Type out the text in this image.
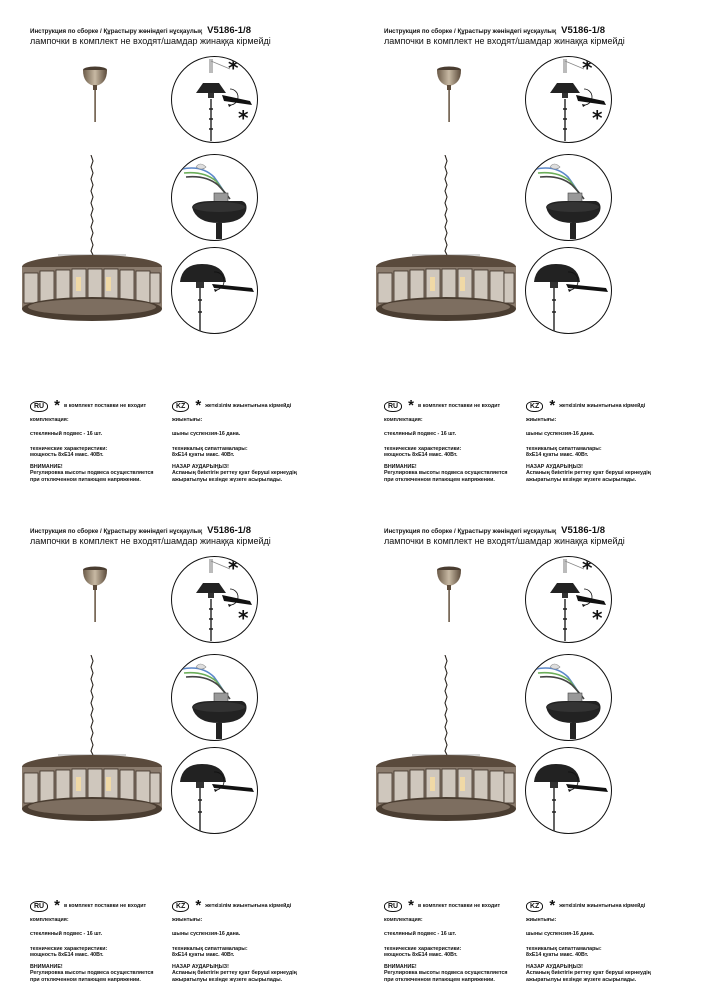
Инструкция по сборке / Құрастыру жөніндегі нұсқаулық V5186-1/8
лампочки в комплект не входят/шамдар жинаққа кірмейді
*
*
RU * в комплект поставки не входит
комплектация:
стеклянный подвес - 16 шт.
технические характеристики:
мощность 8xE14 макс. 40Вт.
ВНИМАНИЕ!
Регулировка высоты подвеса осуществляется
при отключенном питающем напряжении.
KZ * жеткізілім жиынтығына кірмейді
жиынтығы:
шыны суспензия-16 дана.
техникалық сипаттамалары:
8xE14 қуаты макс. 40Вт.
НАЗАР АУДАРЫҢЫЗ!
Аспаның биіктігін реттеу қуат беруші кернеудің
ажыратылуы кезінде жүзеге асырылады.
Инструкция по сборке / Құрастыру жөніндегі нұсқаулық V5186-1/8
лампочки в комплект не входят/шамдар жинаққа кірмейді
*
*
RU * в комплект поставки не входит
комплектация:
стеклянный подвес - 16 шт.
технические характеристики:
мощность 8xE14 макс. 40Вт.
ВНИМАНИЕ!
Регулировка высоты подвеса осуществляется
при отключенном питающем напряжении.
KZ * жеткізілім жиынтығына кірмейді
жиынтығы:
шыны суспензия-16 дана.
техникалық сипаттамалары:
8xE14 қуаты макс. 40Вт.
НАЗАР АУДАРЫҢЫЗ!
Аспаның биіктігін реттеу қуат беруші кернеудің
ажыратылуы кезінде жүзеге асырылады.
Инструкция по сборке / Құрастыру жөніндегі нұсқаулық V5186-1/8
лампочки в комплект не входят/шамдар жинаққа кірмейді
*
*
RU * в комплект поставки не входит
комплектация:
стеклянный подвес - 16 шт.
технические характеристики:
мощность 8xE14 макс. 40Вт.
ВНИМАНИЕ!
Регулировка высоты подвеса осуществляется
при отключенном питающем напряжении.
KZ * жеткізілім жиынтығына кірмейді
жиынтығы:
шыны суспензия-16 дана.
техникалық сипаттамалары:
8xE14 қуаты макс. 40Вт.
НАЗАР АУДАРЫҢЫЗ!
Аспаның биіктігін реттеу қуат беруші кернеудің
ажыратылуы кезінде жүзеге асырылады.
Инструкция по сборке / Құрастыру жөніндегі нұсқаулық V5186-1/8
лампочки в комплект не входят/шамдар жинаққа кірмейді
*
*
RU * в комплект поставки не входит
комплектация:
стеклянный подвес - 16 шт.
технические характеристики:
мощность 8xE14 макс. 40Вт.
ВНИМАНИЕ!
Регулировка высоты подвеса осуществляется
при отключенном питающем напряжении.
KZ * жеткізілім жиынтығына кірмейді
жиынтығы:
шыны суспензия-16 дана.
техникалық сипаттамалары:
8xE14 қуаты макс. 40Вт.
НАЗАР АУДАРЫҢЫЗ!
Аспаның биіктігін реттеу қуат беруші кернеудің
ажыратылуы кезінде жүзеге асырылады.
